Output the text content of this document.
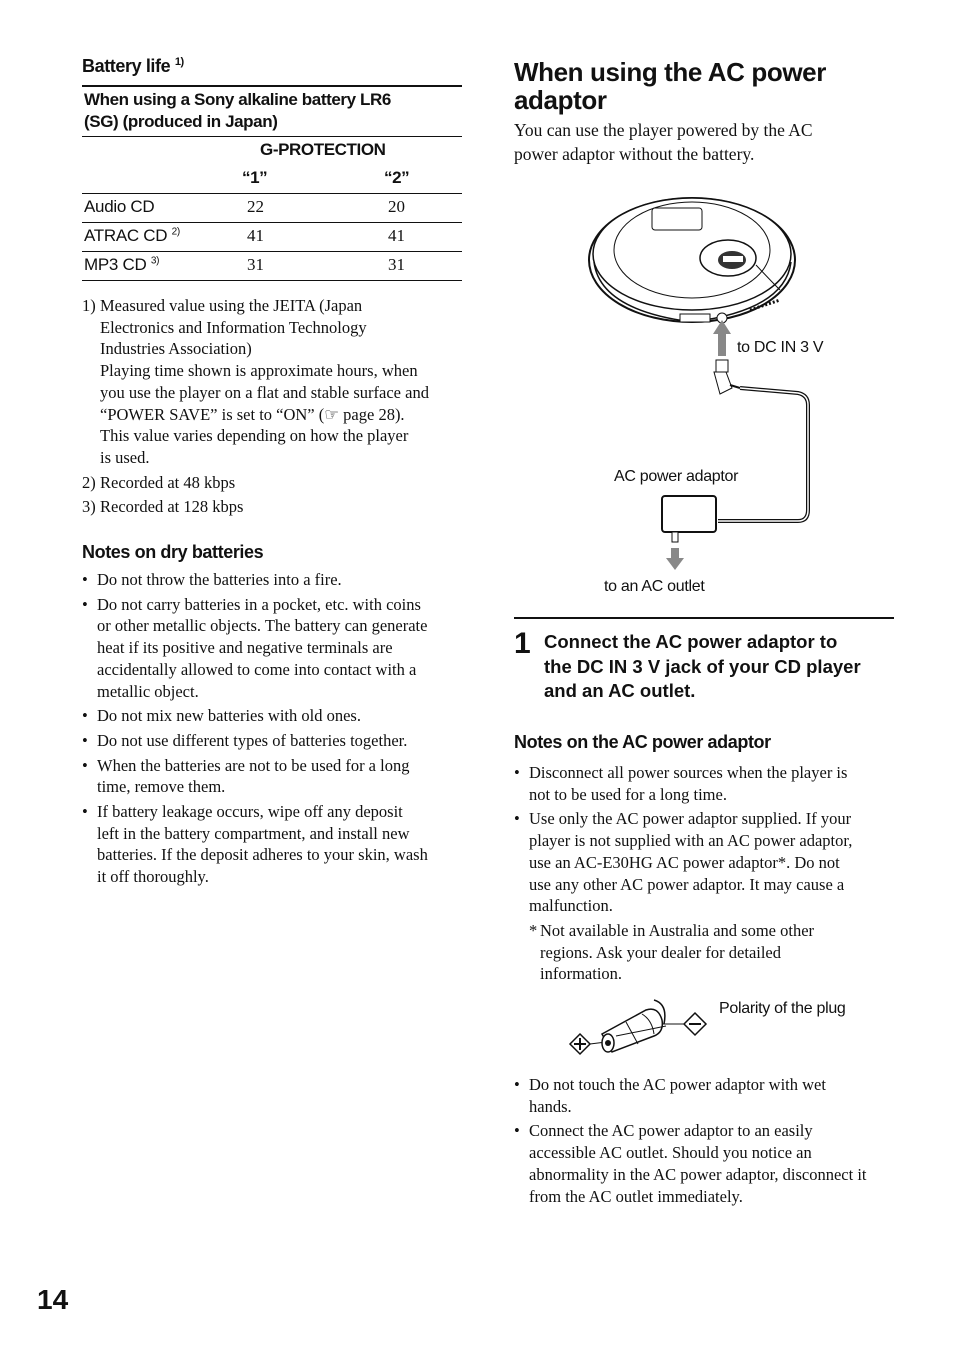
Battery life $^{1)}$
When using a Sony alkaline battery LR6
(SG) (produced in Japan)
G-PROTECTION
“1”	“2”
Audio CD	22	20
ATRAC CD $^{2)}$	41	41
MP3 CD $^{3)}$	31	31
1) Measured value using the JEITA (Japan
Electronics and Information Technology
Industries Association)
Playing time shown is approximate hours, when
you use the player on a flat and stable surface and
“POWER SAVE” is set to “ON” (☞ page 28).
This value varies depending on how the player
is used.
2) Recorded at 48 kbps
3) Recorded at 128 kbps
Notes on dry batteries
• Do not throw the batteries into a fire.
• Do not carry batteries in a pocket, etc. with coins
or other metallic objects. The battery can generate
heat if its positive and negative terminals are
accidentally allowed to come into contact with a
metallic object.
• Do not mix new batteries with old ones.
• Do not use different types of batteries together.
• When the batteries are not to be used for a long
time, remove them.
• If battery leakage occurs, wipe off any deposit
left in the battery compartment, and install new
batteries. If the deposit adheres to your skin, wash
it off thoroughly.
When using the AC power
adaptor
You can use the player powered by the AC
power adaptor without the battery.
to DC IN 3 V
AC power adaptor
to an AC outlet
1 Connect the AC power adaptor to
the DC IN 3 V jack of your CD player
and an AC outlet.
Notes on the AC power adaptor
• Disconnect all power sources when the player is
not to be used for a long time.
• Use only the AC power adaptor supplied. If your
player is not supplied with an AC power adaptor,
use an AC-E30HG AC power adaptor*. Do not
use any other AC power adaptor. It may cause a
malfunction.
* Not available in Australia and some other
regions. Ask your dealer for detailed
information.
Polarity of the plug
• Do not touch the AC power adaptor with wet
hands.
• Connect the AC power adaptor to an easily
accessible AC outlet. Should you notice an
abnormality in the AC power adaptor, disconnect it
from the AC outlet immediately.
14
